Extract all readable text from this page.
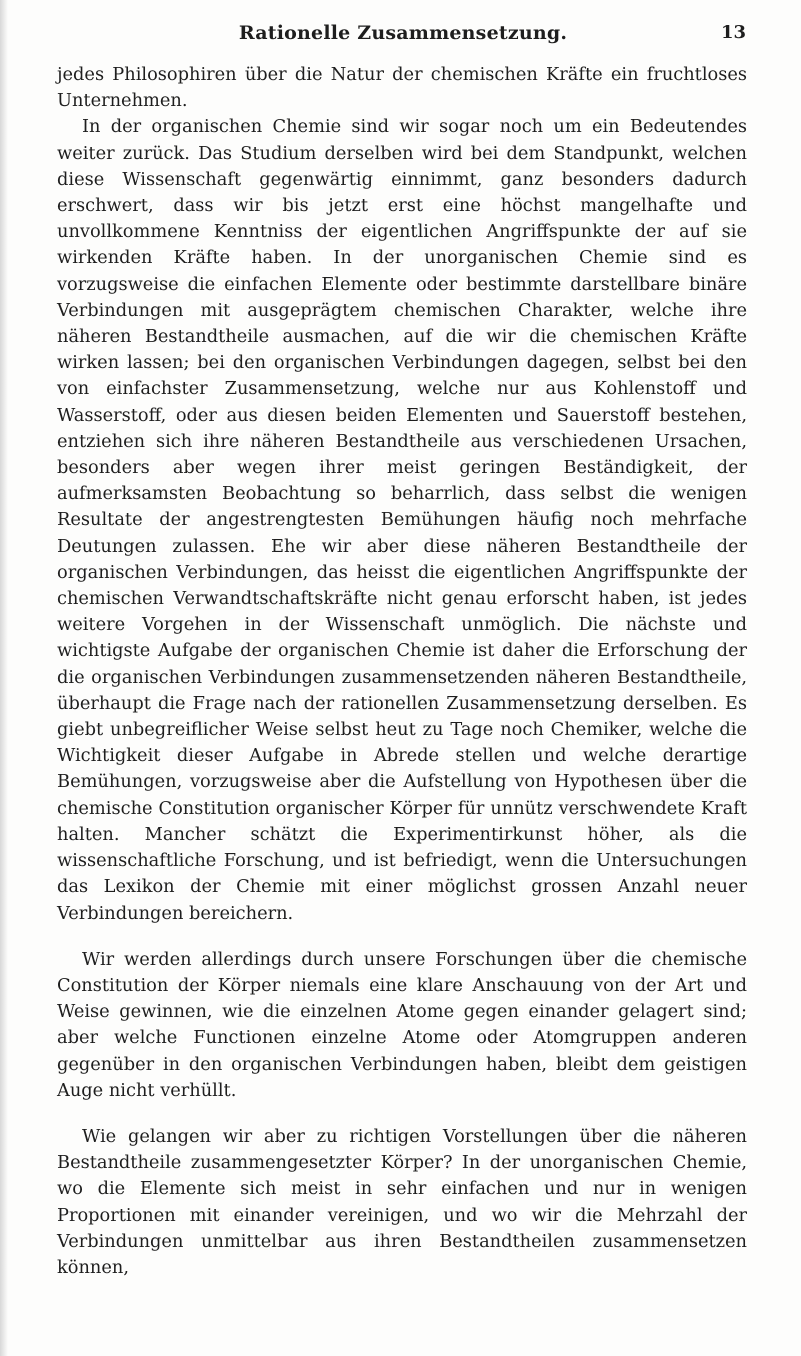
Rationelle Zusammensetzung.	13

jedes Philosophiren über die Natur der chemischen Kräfte ein fruchtloses Unternehmen.

In der organischen Chemie sind wir sogar noch um ein Bedeutendes weiter zurück. Das Studium derselben wird bei dem Standpunkt, welchen diese Wissenschaft gegenwärtig einnimmt, ganz besonders dadurch erschwert, dass wir bis jetzt erst eine höchst mangelhafte und unvollkommene Kenntniss der eigentlichen Angriffspunkte der auf sie wirkenden Kräfte haben. In der unorganischen Chemie sind es vorzugsweise die einfachen Elemente oder bestimmte darstellbare binäre Verbindungen mit ausgeprägtem chemischen Charakter, welche ihre näheren Bestandtheile ausmachen, auf die wir die chemischen Kräfte wirken lassen; bei den organischen Verbindungen dagegen, selbst bei den von einfachster Zusammensetzung, welche nur aus Kohlenstoff und Wasserstoff, oder aus diesen beiden Elementen und Sauerstoff bestehen, entziehen sich ihre näheren Bestandtheile aus verschiedenen Ursachen, besonders aber wegen ihrer meist geringen Beständigkeit, der aufmerksamsten Beobachtung so beharrlich, dass selbst die wenigen Resultate der angestrengtesten Bemühungen häufig noch mehrfache Deutungen zulassen. Ehe wir aber diese näheren Bestandtheile der organischen Verbindungen, das heisst die eigentlichen Angriffspunkte der chemischen Verwandtschaftskräfte nicht genau erforscht haben, ist jedes weitere Vorgehen in der Wissenschaft unmöglich. Die nächste und wichtigste Aufgabe der organischen Chemie ist daher die Erforschung der die organischen Verbindungen zusammensetzenden näheren Bestandtheile, überhaupt die Frage nach der rationellen Zusammensetzung derselben. Es giebt unbegreiflicher Weise selbst heut zu Tage noch Chemiker, welche die Wichtigkeit dieser Aufgabe in Abrede stellen und welche derartige Bemühungen, vorzugsweise aber die Aufstellung von Hypothesen über die chemische Constitution organischer Körper für unnütz verschwendete Kraft halten. Mancher schätzt die Experimentirkunst höher, als die wissenschaftliche Forschung, und ist befriedigt, wenn die Untersuchungen das Lexikon der Chemie mit einer möglichst grossen Anzahl neuer Verbindungen bereichern.

Wir werden allerdings durch unsere Forschungen über die chemische Constitution der Körper niemals eine klare Anschauung von der Art und Weise gewinnen, wie die einzelnen Atome gegen einander gelagert sind; aber welche Functionen einzelne Atome oder Atomgruppen anderen gegenüber in den organischen Verbindungen haben, bleibt dem geistigen Auge nicht verhüllt.

Wie gelangen wir aber zu richtigen Vorstellungen über die näheren Bestandtheile zusammengesetzter Körper? In der unorganischen Chemie, wo die Elemente sich meist in sehr einfachen und nur in wenigen Proportionen mit einander vereinigen, und wo wir die Mehrzahl der Verbindungen unmittelbar aus ihren Bestandtheilen zusammensetzen können,
